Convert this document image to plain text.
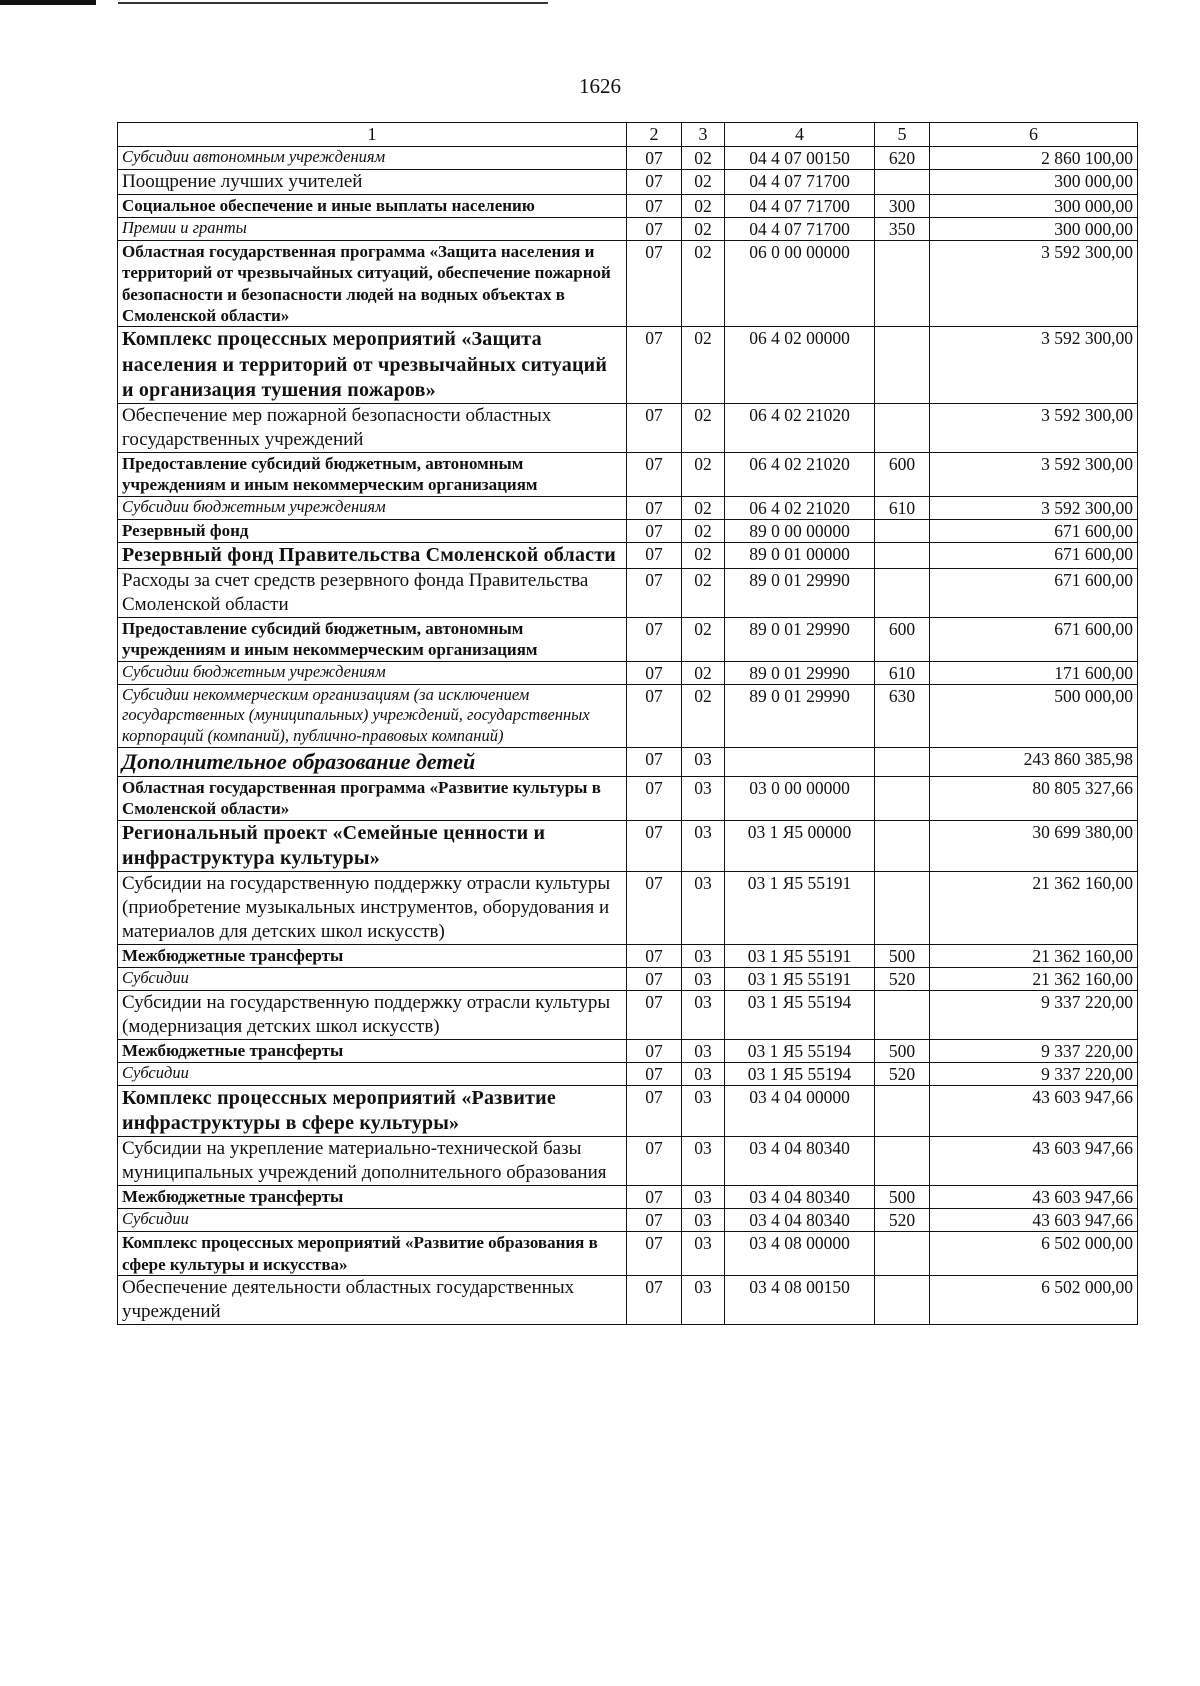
1626
1	2	3	4	5	6
Субсидии автономным учреждениям	07	02	04 4 07 00150	620	2 860 100,00
Поощрение лучших учителей	07	02	04 4 07 71700		300 000,00
Социальное обеспечение и иные выплаты населению	07	02	04 4 07 71700	300	300 000,00
Премии и гранты	07	02	04 4 07 71700	350	300 000,00
Областная государственная программа «Защита населения и территорий от чрезвычайных ситуаций, обеспечение пожарной безопасности и безопасности людей на водных объектах в Смоленской области»	07	02	06 0 00 00000		3 592 300,00
Комплекс процессных мероприятий «Защита населения и территорий от чрезвычайных ситуаций и организация тушения пожаров»	07	02	06 4 02 00000		3 592 300,00
Обеспечение мер пожарной безопасности областных государственных учреждений	07	02	06 4 02 21020		3 592 300,00
Предоставление субсидий бюджетным, автономным учреждениям и иным некоммерческим организациям	07	02	06 4 02 21020	600	3 592 300,00
Субсидии бюджетным учреждениям	07	02	06 4 02 21020	610	3 592 300,00
Резервный фонд	07	02	89 0 00 00000		671 600,00
Резервный фонд Правительства Смоленской области	07	02	89 0 01 00000		671 600,00
Расходы за счет средств резервного фонда Правительства Смоленской области	07	02	89 0 01 29990		671 600,00
Предоставление субсидий бюджетным, автономным учреждениям и иным некоммерческим организациям	07	02	89 0 01 29990	600	671 600,00
Субсидии бюджетным учреждениям	07	02	89 0 01 29990	610	171 600,00
Субсидии некоммерческим организациям (за исключением государственных (муниципальных) учреждений, государственных корпораций (компаний), публично-правовых компаний)	07	02	89 0 01 29990	630	500 000,00
Дополнительное образование детей	07	03			243 860 385,98
Областная государственная программа «Развитие культуры в Смоленской области»	07	03	03 0 00 00000		80 805 327,66
Региональный проект «Семейные ценности и инфраструктура культуры»	07	03	03 1 Я5 00000		30 699 380,00
Субсидии на государственную поддержку отрасли культуры (приобретение музыкальных инструментов, оборудования и материалов для детских школ искусств)	07	03	03 1 Я5 55191		21 362 160,00
Межбюджетные трансферты	07	03	03 1 Я5 55191	500	21 362 160,00
Субсидии	07	03	03 1 Я5 55191	520	21 362 160,00
Субсидии на государственную поддержку отрасли культуры (модернизация детских школ искусств)	07	03	03 1 Я5 55194		9 337 220,00
Межбюджетные трансферты	07	03	03 1 Я5 55194	500	9 337 220,00
Субсидии	07	03	03 1 Я5 55194	520	9 337 220,00
Комплекс процессных мероприятий «Развитие инфраструктуры в сфере культуры»	07	03	03 4 04 00000		43 603 947,66
Субсидии на укрепление материально-технической базы муниципальных учреждений дополнительного образования	07	03	03 4 04 80340		43 603 947,66
Межбюджетные трансферты	07	03	03 4 04 80340	500	43 603 947,66
Субсидии	07	03	03 4 04 80340	520	43 603 947,66
Комплекс процессных мероприятий «Развитие образования в сфере культуры и искусства»	07	03	03 4 08 00000		6 502 000,00
Обеспечение деятельности областных государственных учреждений	07	03	03 4 08 00150		6 502 000,00
